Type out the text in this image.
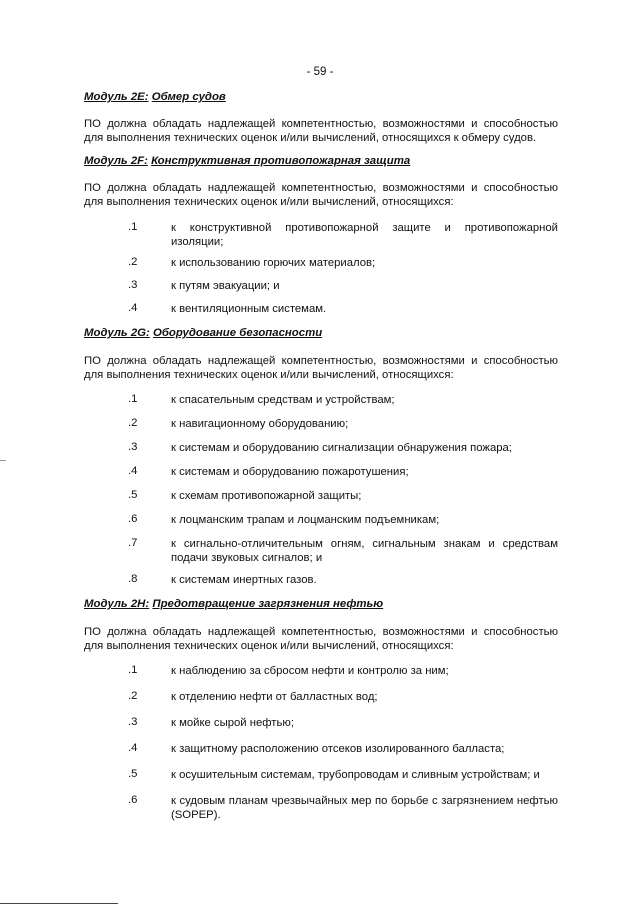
- 59 -
Модуль 2E: Обмер судов
ПО должна обладать надлежащей компетентностью, возможностями и способностью для выполнения технических оценок и/или вычислений, относящихся к обмеру судов.
Модуль 2F: Конструктивная противопожарная защита
ПО должна обладать надлежащей компетентностью, возможностями и способностью для выполнения технических оценок и/или вычислений, относящихся:
.1	к конструктивной противопожарной защите и противопожарной изоляции;
.2	к использованию горючих материалов;
.3	к путям эвакуации; и
.4	к вентиляционным системам.
Модуль 2G: Оборудование безопасности
ПО должна обладать надлежащей компетентностью, возможностями и способностью для выполнения технических оценок и/или вычислений, относящихся:
.1	к спасательным средствам и устройствам;
.2	к навигационному оборудованию;
.3	к системам и оборудованию сигнализации обнаружения пожара;
.4	к системам и оборудованию пожаротушения;
.5	к схемам противопожарной защиты;
.6	к лоцманским трапам и лоцманским подъемникам;
.7	к сигнально-отличительным огням, сигнальным знакам и средствам подачи звуковых сигналов; и
.8	к системам инертных газов.
Модуль 2H: Предотвращение загрязнения нефтью
ПО должна обладать надлежащей компетентностью, возможностями и способностью для выполнения технических оценок и/или вычислений, относящихся:
.1	к наблюдению за сбросом нефти и контролю за ним;
.2	к отделению нефти от балластных вод;
.3	к мойке сырой нефтью;
.4	к защитному расположению отсеков изолированного балласта;
.5	к осушительным системам, трубопроводам и сливным устройствам; и
.6	к судовым планам чрезвычайных мер по борьбе с загрязнением нефтью (SOPEP).
